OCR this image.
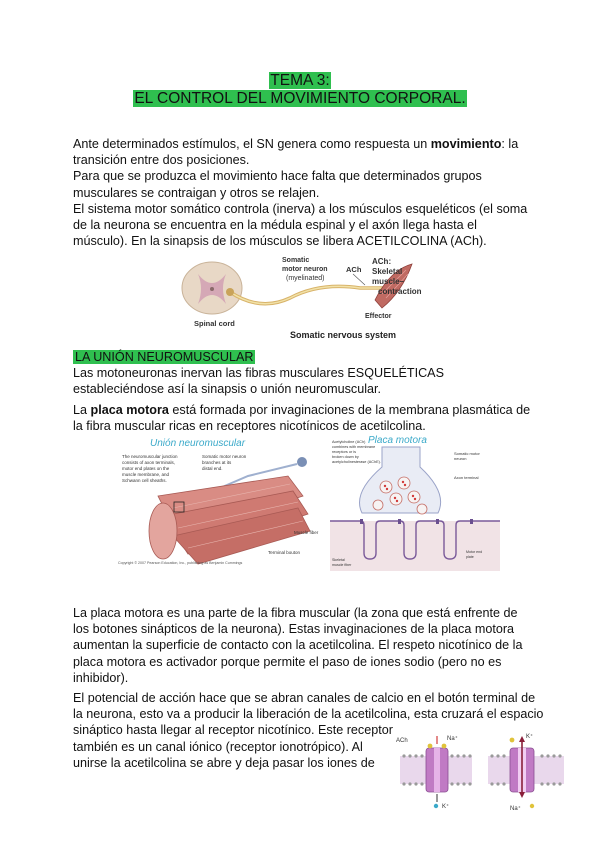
TEMA 3:
EL CONTROL DEL MOVIMIENTO CORPORAL.
Ante determinados estímulos, el SN genera como respuesta un movimiento: la transición entre dos posiciones.
Para que se produzca el movimiento hace falta que determinados grupos musculares se contraigan y otros se relajen.
El sistema motor somático controla (inerva) a los músculos esqueléticos (el soma de la neurona se encuentra en la médula espinal y el axón llega hasta el músculo). En la sinapsis de los músculos se libera ACETILCOLINA (ACh).
Somatic
motor neuron
(myelinated)
ACh
ACh:
Skeletal
muscle–
contraction
Effector
Spinal cord
Somatic nervous system
LA UNIÓN NEUROMUSCULAR
Las motoneuronas inervan las fibras musculares ESQUELÉTICAS estableciéndose así la sinapsis o unión neuromuscular.
La placa motora está formada por invaginaciones de la membrana plasmática de la fibra muscular ricas en receptores nicotínicos de acetilcolina.
Unión neuromuscular
The neuromuscular junction
consists of axon terminals,
motor end plates on the
muscle membrane, and
Schwann cell sheaths.
Somatic motor neuron
branches at its
distal end.
Muscle fiber
Terminal bouton
Copyright © 2007 Pearson Education, Inc., publishing as Benjamin Cummings
Placa motora
Acetylcholine (ACh)
combines with membrane
receptors or is
broken down by
acetylcholinesterase (AChE).
Somatic motor
neuron
Axon terminal
Skeletal
muscle fiber
Motor end
plate
La placa motora es una parte de la fibra muscular (la zona que está enfrente de los botones sinápticos de la neurona). Estas invaginaciones de la placa motora aumentan la superficie de contacto con la acetilcolina. El respeto nicotínico de la placa motora es activador porque permite el paso de iones sodio (pero no es inhibidor).
El potencial de acción hace que se abran canales de calcio en el botón terminal de
la neurona, esto va a producir la liberación de la acetilcolina, esta cruzará el espacio
sináptico hasta llegar al receptor nicotínico. Este receptor
también es un canal iónico (receptor ionotrópico). Al
unirse la acetilcolina se abre y deja pasar los iones de
ACh	Na⁺
K⁺
K⁺
Na⁺
